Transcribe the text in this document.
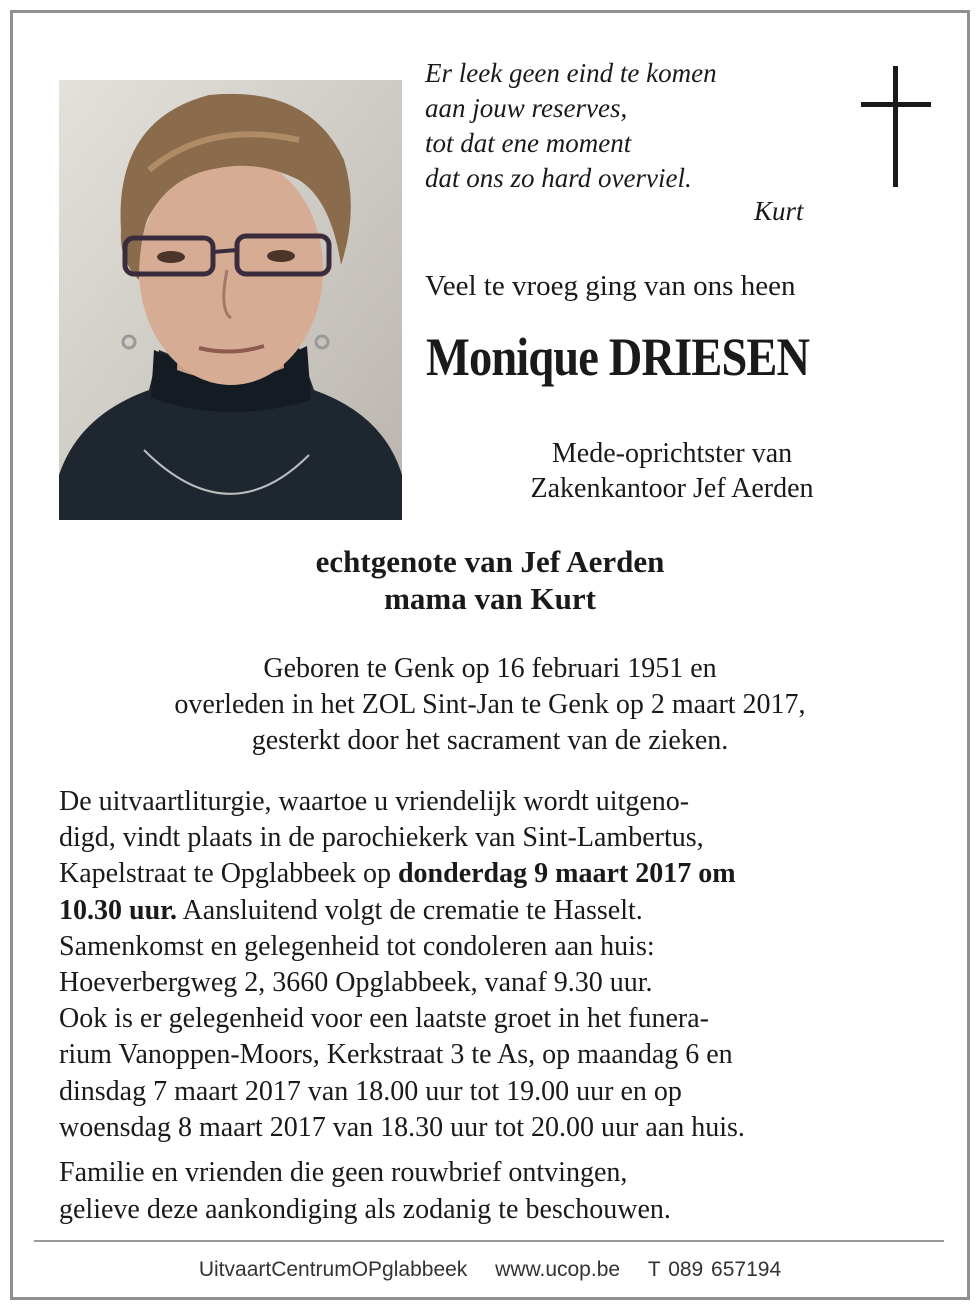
Er leek geen eind te komen
aan jouw reserves,
tot dat ene moment
dat ons zo hard overviel.
Kurt
Veel te vroeg ging van ons heen
Monique DRIESEN
Mede-oprichtster van
Zakenkantoor Jef Aerden
echtgenote van Jef Aerden
mama van Kurt
Geboren te Genk op 16 februari 1951 en
overleden in het ZOL Sint-Jan te Genk op 2 maart 2017,
gesterkt door het sacrament van de zieken.
De uitvaartliturgie, waartoe u vriendelijk wordt uitgeno-
digd, vindt plaats in de parochiekerk van Sint-Lambertus,
Kapelstraat te Opglabbeek op donderdag 9 maart 2017 om
10.30 uur. Aansluitend volgt de crematie te Hasselt.
Samenkomst en gelegenheid tot condoleren aan huis:
Hoeverbergweg 2, 3660 Opglabbeek, vanaf 9.30 uur.
Ook is er gelegenheid voor een laatste groet in het funera-
rium Vanoppen-Moors, Kerkstraat 3 te As, op maandag 6 en
dinsdag 7 maart 2017 van 18.00 uur tot 19.00 uur en op
woensdag 8 maart 2017 van 18.30 uur tot 20.00 uur aan huis.
Familie en vrienden die geen rouwbrief ontvingen,
gelieve deze aankondiging als zodanig te beschouwen.
UitvaartCentrumOPglabbeek www.ucop.be T 089 657194
